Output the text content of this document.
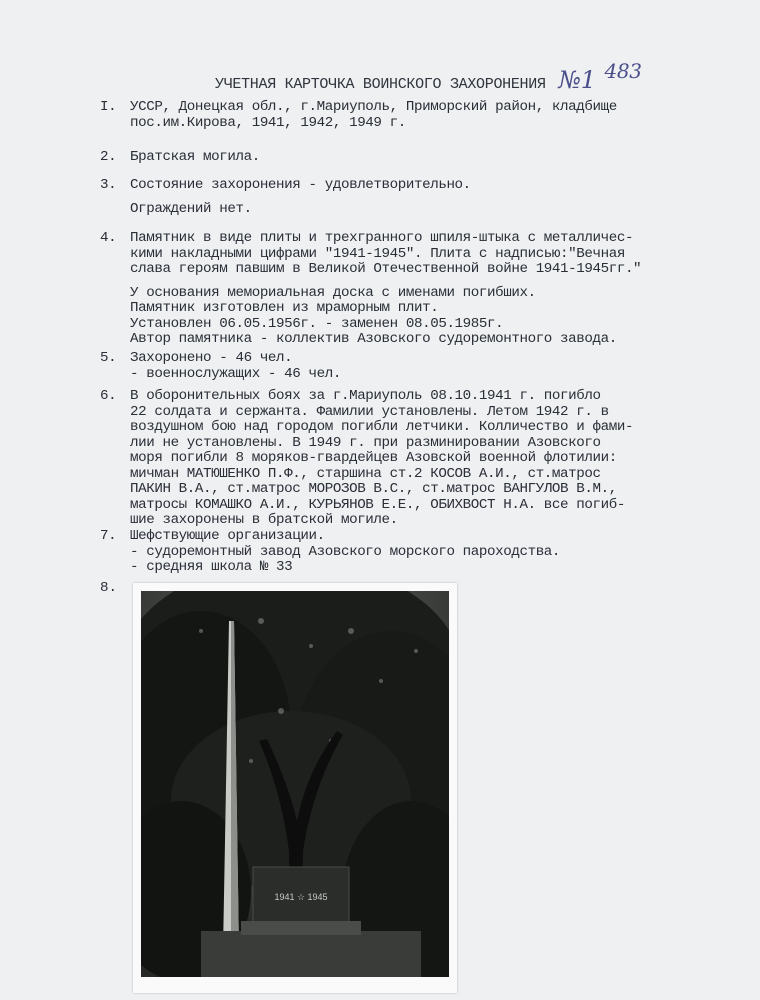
УЧЕТНАЯ КАРТОЧКА ВОИНСКОГО ЗАХОРОНЕНИЯ №1 483
I. УССР, Донецкая обл., г.Мариуполь, Приморский район, кладбище
пос.им.Кирова, 1941, 1942, 1949 г.
2. Братская могила.
3. Состояние захоронения - удовлетворительно.
Ограждений нет.
4. Памятник в виде плиты и трехгранного шпиля-штыка с металличес-
кими накладными цифрами "1941-1945". Плита с надписью:"Вечная
слава героям павшим в Великой Отечественной войне 1941-1945гг."
У основания мемориальная доска с именами погибших.
Памятник изготовлен из мраморным плит.
Установлен 06.05.1956г. - заменен 08.05.1985г.
Автор памятника - коллектив Азовского судоремонтного завода.
5. Захоронено - 46 чел.
- военнослужащих - 46 чел.
6. В оборонительных боях за г.Мариуполь 08.10.1941 г. погибло
22 солдата и сержанта. Фамилии установлены. Летом 1942 г. в
воздушном бою над городом погибли летчики. Колличество и фами-
лии не установлены. В 1949 г. при разминировании Азовского
моря погибли 8 моряков-гвардейцев Азовской военной флотилии:
мичман МАТЮШЕНКО П.Ф., старшина ст.2 КОСОВ А.И., ст.матрос
ПАКИН В.А., ст.матрос МОРОЗОВ В.С., ст.матрос ВАНГУЛОВ В.М.,
матросы КОМАШКО А.И., КУРЬЯНОВ Е.Е., ОБИХВОСТ Н.А. все погиб-
шие захоронены в братской могиле.
7. Шефствующие организации.
- судоремонтный завод Азовского морского пароходства.
- средняя школа № 33
8.
1941 ☆ 1945
